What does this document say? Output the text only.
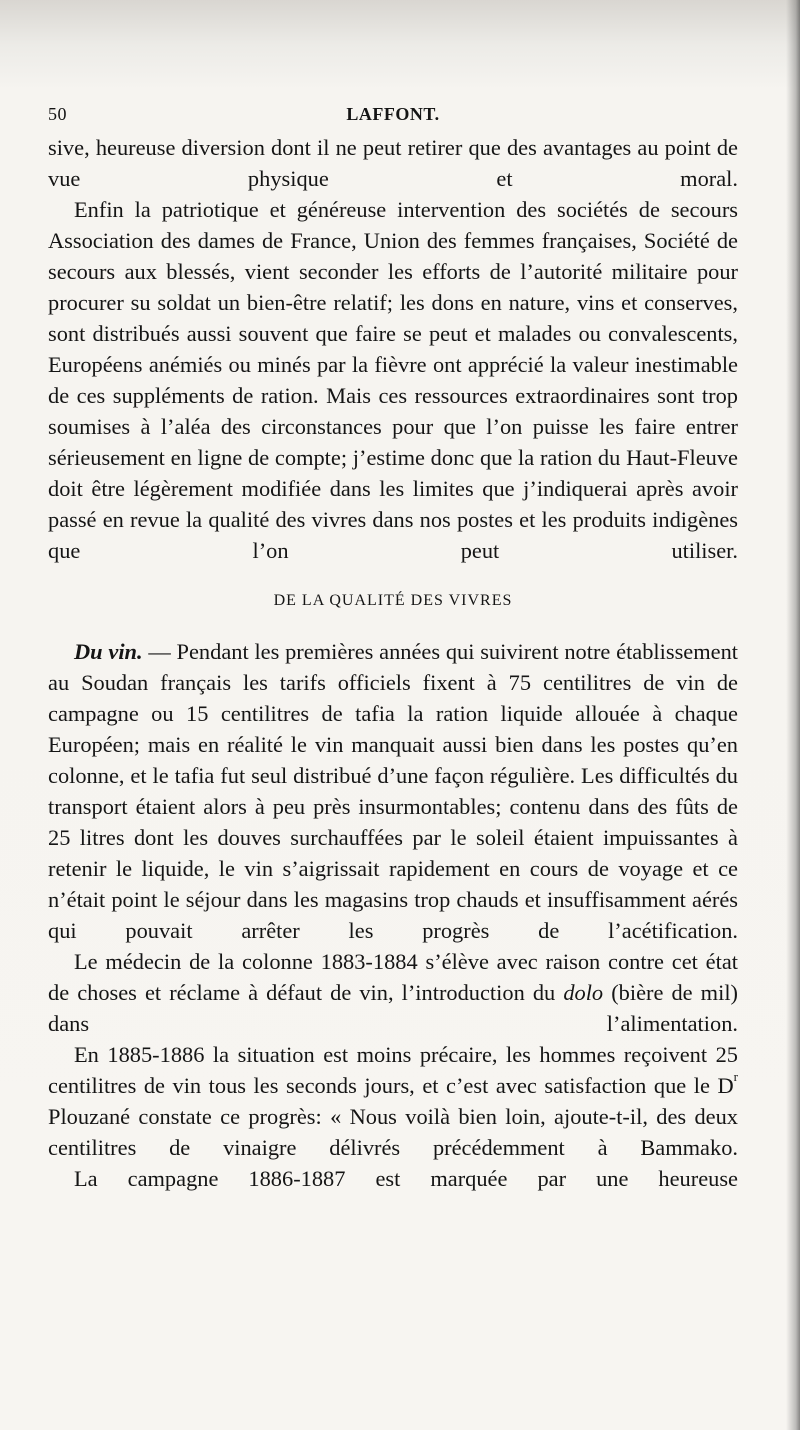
50	LAFFONT.

sive, heureuse diversion dont il ne peut retirer que des avantages au point de vue physique et moral.

Enfin la patriotique et généreuse intervention des sociétés de secours Association des dames de France, Union des femmes françaises, Société de secours aux blessés, vient seconder les efforts de l’autorité militaire pour procurer su soldat un bien-être relatif; les dons en nature, vins et conserves, sont distribués aussi souvent que faire se peut et malades ou convalescents, Européens anémiés ou minés par la fièvre ont apprécié la valeur inestimable de ces suppléments de ration. Mais ces ressources extraordinaires sont trop soumises à l’aléa des circonstances pour que l’on puisse les faire entrer sérieusement en ligne de compte; j’estime donc que la ration du Haut-Fleuve doit être légèrement modifiée dans les limites que j’indiquerai après avoir passé en revue la qualité des vivres dans nos postes et les produits indigènes que l’on peut utiliser.

DE LA QUALITÉ DES VIVRES

Du vin. — Pendant les premières années qui suivirent notre établissement au Soudan français les tarifs officiels fixent à 75 centilitres de vin de campagne ou 15 centilitres de tafia la ration liquide allouée à chaque Européen; mais en réalité le vin manquait aussi bien dans les postes qu’en colonne, et le tafia fut seul distribué d’une façon régulière. Les difficultés du transport étaient alors à peu près insurmontables; contenu dans des fûts de 25 litres dont les douves surchauffées par le soleil étaient impuissantes à retenir le liquide, le vin s’aigrissait rapidement en cours de voyage et ce n’était point le séjour dans les magasins trop chauds et insuffisamment aérés qui pouvait arrêter les progrès de l’acétification.

Le médecin de la colonne 1883-1884 s’élève avec raison contre cet état de choses et réclame à défaut de vin, l’introduction du dolo (bière de mil) dans l’alimentation.

En 1885-1886 la situation est moins précaire, les hommes reçoivent 25 centilitres de vin tous les seconds jours, et c’est avec satisfaction que le $D^r$ Plouzané constate ce progrès: « Nous voilà bien loin, ajoute-t-il, des deux centilitres de vinaigre délivrés précédemment à Bammako.

La campagne 1886-1887 est marquée par une heureuse
